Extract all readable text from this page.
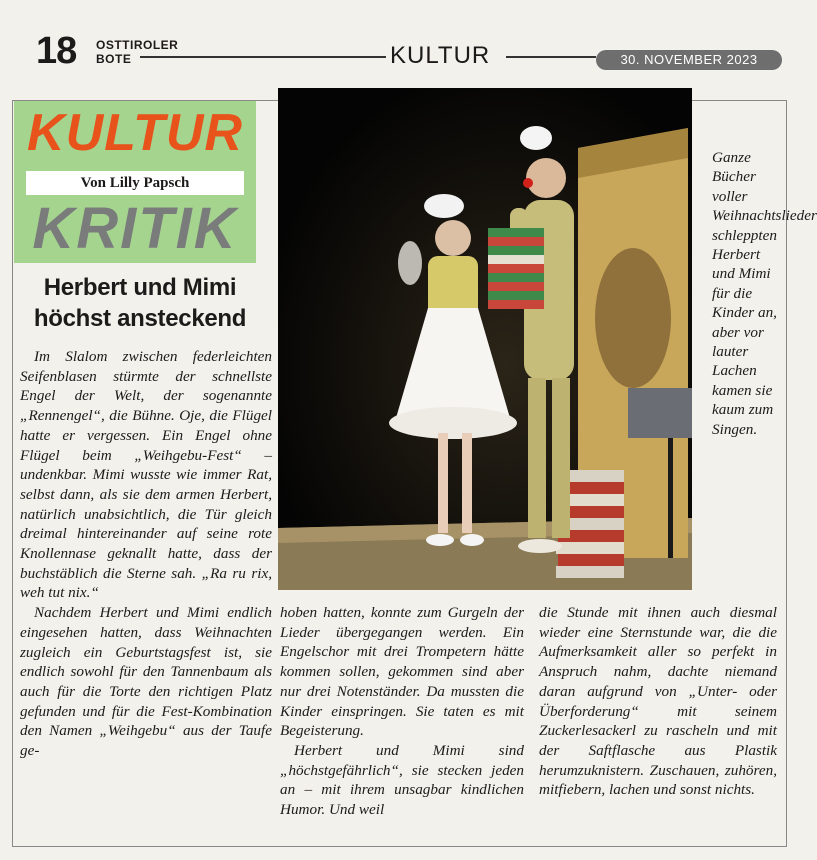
18 OSTTIROLER
BOTE	KULTUR	30. NOVEMBER 2023
KULTUR
Von Lilly Papsch
KRITIK
Herbert und Mimi
höchst ansteckend

Im Slalom zwischen federleichten Seifenblasen stürmte der schnellste Engel der Welt, der sogenannte „Rennengel“, die Bühne. Oje, die Flügel hatte er vergessen. Ein Engel ohne Flügel beim „Weihgebu-Fest“ – undenkbar. Mimi wusste wie immer Rat, selbst dann, als sie dem armen Herbert, natürlich unabsichtlich, die Tür gleich dreimal hintereinander auf seine rote Knollennase geknallt hatte, dass der buchstäblich die Sterne sah. „Ra ru rix, weh tut nix.“

Nachdem Herbert und Mimi endlich eingesehen hatten, dass Weihnachten zugleich ein Geburtstagsfest ist, sie endlich sowohl für den Tannenbaum als auch für die Torte den richtigen Platz gefunden und für die Fest-Kombination den Namen „Weihgebu“ aus der Taufe ge-

Ganze Bücher voller Weihnachtslieder schleppten Herbert und Mimi für die Kinder an, aber vor lauter Lachen kamen sie kaum zum Singen.

hoben hatten, konnte zum Gurgeln der Lieder übergegangen werden. Ein Engelschor mit drei Trompetern hätte kommen sollen, gekommen sind aber nur drei Notenständer. Da mussten die Kinder einspringen. Sie taten es mit Begeisterung.

Herbert und Mimi sind „höchstgefährlich“, sie stecken jeden an – mit ihrem unsagbar kindlichen Humor. Und weil

die Stunde mit ihnen auch diesmal wieder eine Sternstunde war, die die Aufmerksamkeit aller so perfekt in Anspruch nahm, dachte niemand daran aufgrund von „Unter- oder Überforderung“ mit seinem Zuckerlesackerl zu rascheln und mit der Saftflasche aus Plastik herumzuknistern. Zuschauen, zuhören, mitfiebern, lachen und sonst nichts.
